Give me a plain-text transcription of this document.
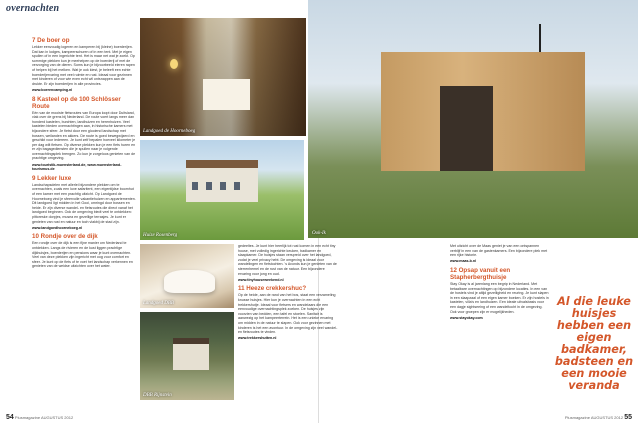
overnachten

7 De boer op

Lekker eenvoudig logeren en kamperen bij (kleine) boerderijen. Dat kan in lodges, kampeerschuren of in een tent. Met je eigen spullen of in een ingerichte tent. Het is maar net wat je zoekt. Op sommige plekken kun je meehelpen op de boerderij of met de verzorging van de dieren. Soms kun je bijvoorbeeld eieren rapen of helpen bij het melken. Wat je ook kiest, je beleeft een echte boerderijervaring met veel ruimte en rust. Ideaal voor gezinnen met kinderen of voor wie even echt wil ontsnappen aan de drukte. Er zijn boerderijen in alle provincies.

www.boerencamping.nl

8 Kasteel op de 100 Schlösser Route

Eén van de mooiste fietsroutes van Europa loopt door Duitsland, vlak over de grens bij Nederland. De route voert langs meer dan honderd kastelen, burchten, landhuizen en herenhuizen. Veel kastelen bieden overnachtingen aan, in historische kamers met bijzondere sfeer. Je fietst door een glooiend landschap met bossen, weilanden en akkers. De route is goed bewegwijzerd en geschikt voor iedereen. Je kunt zelf bepalen hoeveel kilometer je per dag wilt fietsen. Op diverse plekken kun je een fiets huren en er zijn bagagediensten die je spullen naar je volgende overnachtingsplek brengen. Zo kun je zorgeloos genieten van de prachtige omgeving.

www.touristik-muensterland.de, www.muensterland-tourismus.de

9 Lekker luxe

Landschapsdelen met allerlei bijzondere plekken om te overnachten, zoals een luxe safaritent, een eigentijdse boomhut of een kamer met een prachtig uitzicht. Op Landgoed de Hoorneboeg vind je sfeervolle vakantiehuizen en appartementen. Dit landgoed ligt midden in het Gooi, omringd door bossen en heide. Er zijn diverse wandel- en fietsroutes die direct vanaf het landgoed beginnen. Ook de omgeving biedt veel te ontdekken: pittoreske dorpjes, musea en gezellige terrasjes. Je kunt er genieten van rust en natuur en toch vlakbij de stad zijn.

www.landgoedhoorneboeg.nl

10 Rondje over de dijk

Een rondje over de dijk is een fijne manier om Nederland te ontdekken. Langs de rivieren en de kust liggen prachtige dijkhuisjes, boerderijen en pensions waar je kunt overnachten. Veel van deze plekken zijn ingericht met oog voor comfort en sfeer. Je kunt op de fiets of te voet het landschap verkennen en genieten van de weidse uitzichten over het water.

Landgoed de Hoorneboeg
Huize Rosenberg	Ook-Ik
Landgoed DBB
DBB Rijnstein

gedeeltes. Je kunt hier heerlijk tot rust komen in een echt tiny house, met volledig ingerichte keuken, badkamer en slaapkamer. De huisjes staan verspreid over het landgoed, zodat je veel privacy hebt. De omgeving is ideaal voor wandelingen en fietstochten. 's Avonds kun je genieten van de sterrenhemel en de rust van de natuur. Een bijzondere ervaring voor jong en oud.

www.tinyhouseweekend.nl

11 Heeze crekkershuc?

Op de heide, aan de rand van het bos, staat een verzameling knusse huisjes. Hier kun je overnachten in een echt trekkershutje. Ideaal voor fietsers en wandelaars die een eenvoudige overnachtingsplek zoeken. De huisjes zijn voorzien van bedden, een tafel en stoelen. Sanitair is aanwezig op het kampeerterrein. Het is een unieke ervaring om midden in de natuur te slapen. Ook voor gezinnen met kinderen is het een avontuur. In de omgeving zijn veel wandel- en fietsroutes te vinden.

www.trekkershutten.nl

Met uitzicht over de Maas geniet je van een ontspannen verblijf in een van de gastenkamers. Een bijzondere plek met een rijke historie.

www.maas-b.nl

12 Opsap vanuit een Stapherbergthuisje

Stay Okay is al jarenlang een begrip in Nederland. Met betaalbare overnachtingen op bijzondere locaties. In een van de hostels vind je altijd gezelligheid en reuring. Je kunt slapen in een slaapzaal of een eigen kamer boeken. Er zijn hostels in kastelen, villa's en landhuizen. Een ideale uitvalsbasis voor een dagje sightseeing of een wandeltocht in de omgeving. Ook voor groepen zijn er mogelijkheden.

www.stayokay.com

Al die leuke huisjes hebben een eigen badkamer, badsteen en een mooie veranda
54 Plusmagazine AUGUSTUS 2012	Plusmagazine AUGUSTUS 2012 55
